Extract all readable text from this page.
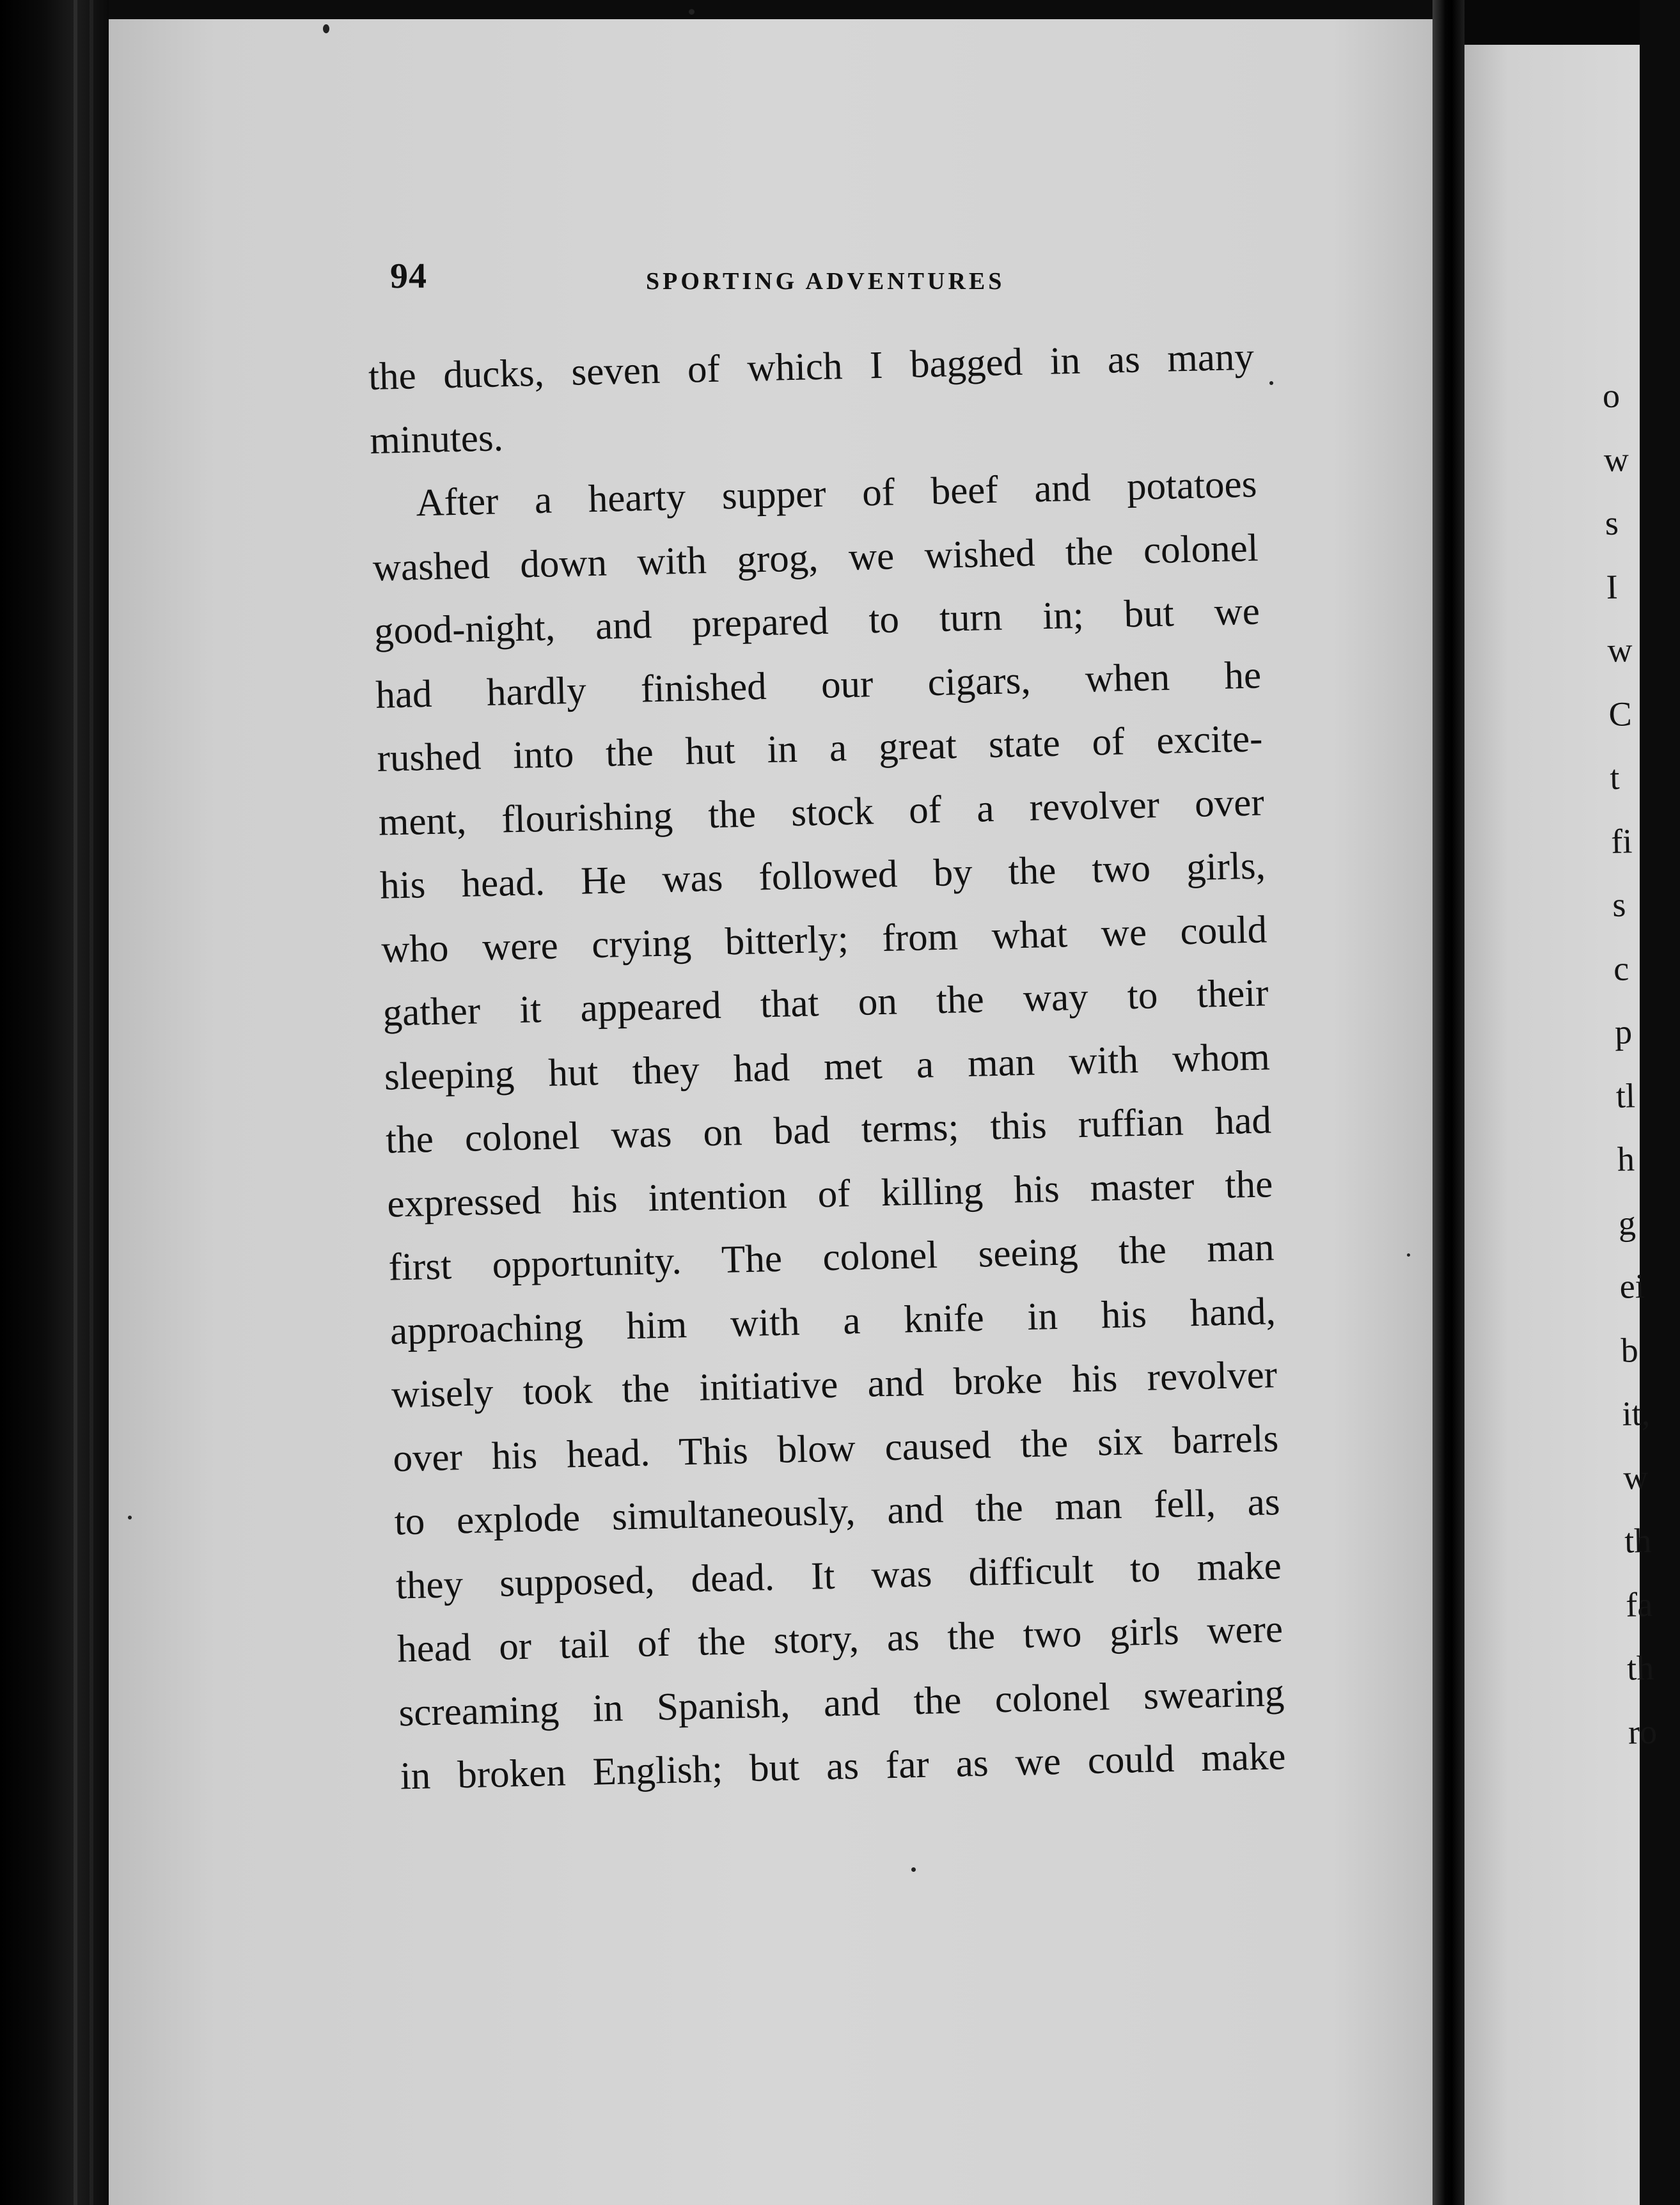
94	SPORTING ADVENTURES
the ducks, seven of which I bagged in as many
minutes.
After a hearty supper of beef and potatoes
washed down with grog, we wished the colonel
good-night, and prepared to turn in; but we
had hardly finished our cigars, when he
rushed into the hut in a great state of excite-
ment, flourishing the stock of a revolver over
his head. He was followed by the two girls,
who were crying bitterly; from what we could
gather it appeared that on the way to their
sleeping hut they had met a man with whom
the colonel was on bad terms; this ruffian had
expressed his intention of killing his master the
first opportunity. The colonel seeing the man
approaching him with a knife in his hand,
wisely took the initiative and broke his revolver
over his head. This blow caused the six barrels
to explode simultaneously, and the man fell, as
they supposed, dead. It was difficult to make
head or tail of the story, as the two girls were
screaming in Spanish, and the colonel swearing
in broken English; but as far as we could make
o
w
s
I
w
C
t
fi
s
c
p
tl
h
g
ei
b
it,
w
th
fa
th
ro
